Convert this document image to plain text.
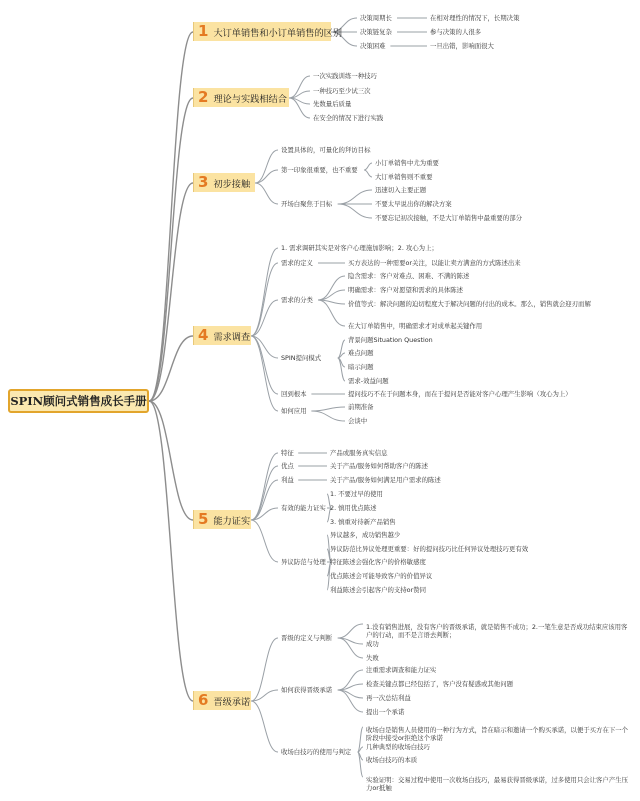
SPIN顾问式销售成长手册
1 大订单销售和小订单销售的区别
决策周期长	在相对理性的情况下，长期决策
决策链复杂	参与决策的人很多
决策困难	一旦出错，影响面很大
2 理论与实践相结合
一次实践训练一种技巧
一种技巧至少试三次
先数量后质量
在安全的情况下进行实践
3 初步接触
设置具体的，可量化的拜访目标
第一印象很重要，也不重要
小订单销售中尤为重要
大订单销售则不重要
开场白聚焦于目标
迅速切入主要正题
不要太早说出你的解决方案
不要忘记初次接触，不是大订单销售中最重要的部分
4 需求调查
1. 需求调研其实是对客户心理施加影响；2. 攻心为上；
需求的定义	买方表达的一种需要or关注，以能让卖方满意的方式陈述出来
需求的分类
隐含需求：客户对难点、困难、不满的陈述
明确需求：客户对愿望和需求的具体陈述
价值等式：解决问题的迫切程度大于解决问题的付出的成本。那么，销售就会迎刃而解
在大订单销售中，明确需求才对成单起关键作用
SPIN提问模式
背景问题Situation Question
难点问题
暗示问题
需求-效益问题
回到根本	提问技巧不在于问题本身，而在于提问是否能对客户心理产生影响（攻心为上）
如何应用	前期准备
会谈中
5 能力证实
特征	产品或服务真实信息
优点	关于产品/服务如何帮助客户的陈述
利益	关于产品/服务如何满足用户需求的陈述
有效的能力证实
1. 不要过早的使用
2. 慎用优点陈述
3. 慎重对待新产品销售
异议防范与处理
异议越多，成功销售越少
异议防范比异议处理更重要：好的提问技巧比任何异议处理技巧更有效
特征陈述会强化客户的价格敏感度
优点陈述会可能导致客户的价值异议
利益陈述会引起客户的支持or赞同
6 晋级承诺
晋级的定义与判断
1.没有销售进展，没有客户的晋级承诺，就是销售不成功；2.一笔生意是否成功结束应该用客户的行动，而不是言语去判断；
成功
失败
如何获得晋级承诺
注重需求调查和能力证实
检查关键点都已经包括了，客户没有疑惑或其他问题
再一次总结利益
提出一个承诺
收场白技巧的使用与判定
收场白是销售人员使用的一种行为方式，旨在暗示和邀请一个购买承诺，以便于买方在下一个阶段中接受or拒绝这个承诺
几种典型的收场白技巧
收场白技巧的本质
实验证明：交易过程中使用一次收场白技巧，最易获得晋级承诺，过多使用只会让客户产生压力or抵触
